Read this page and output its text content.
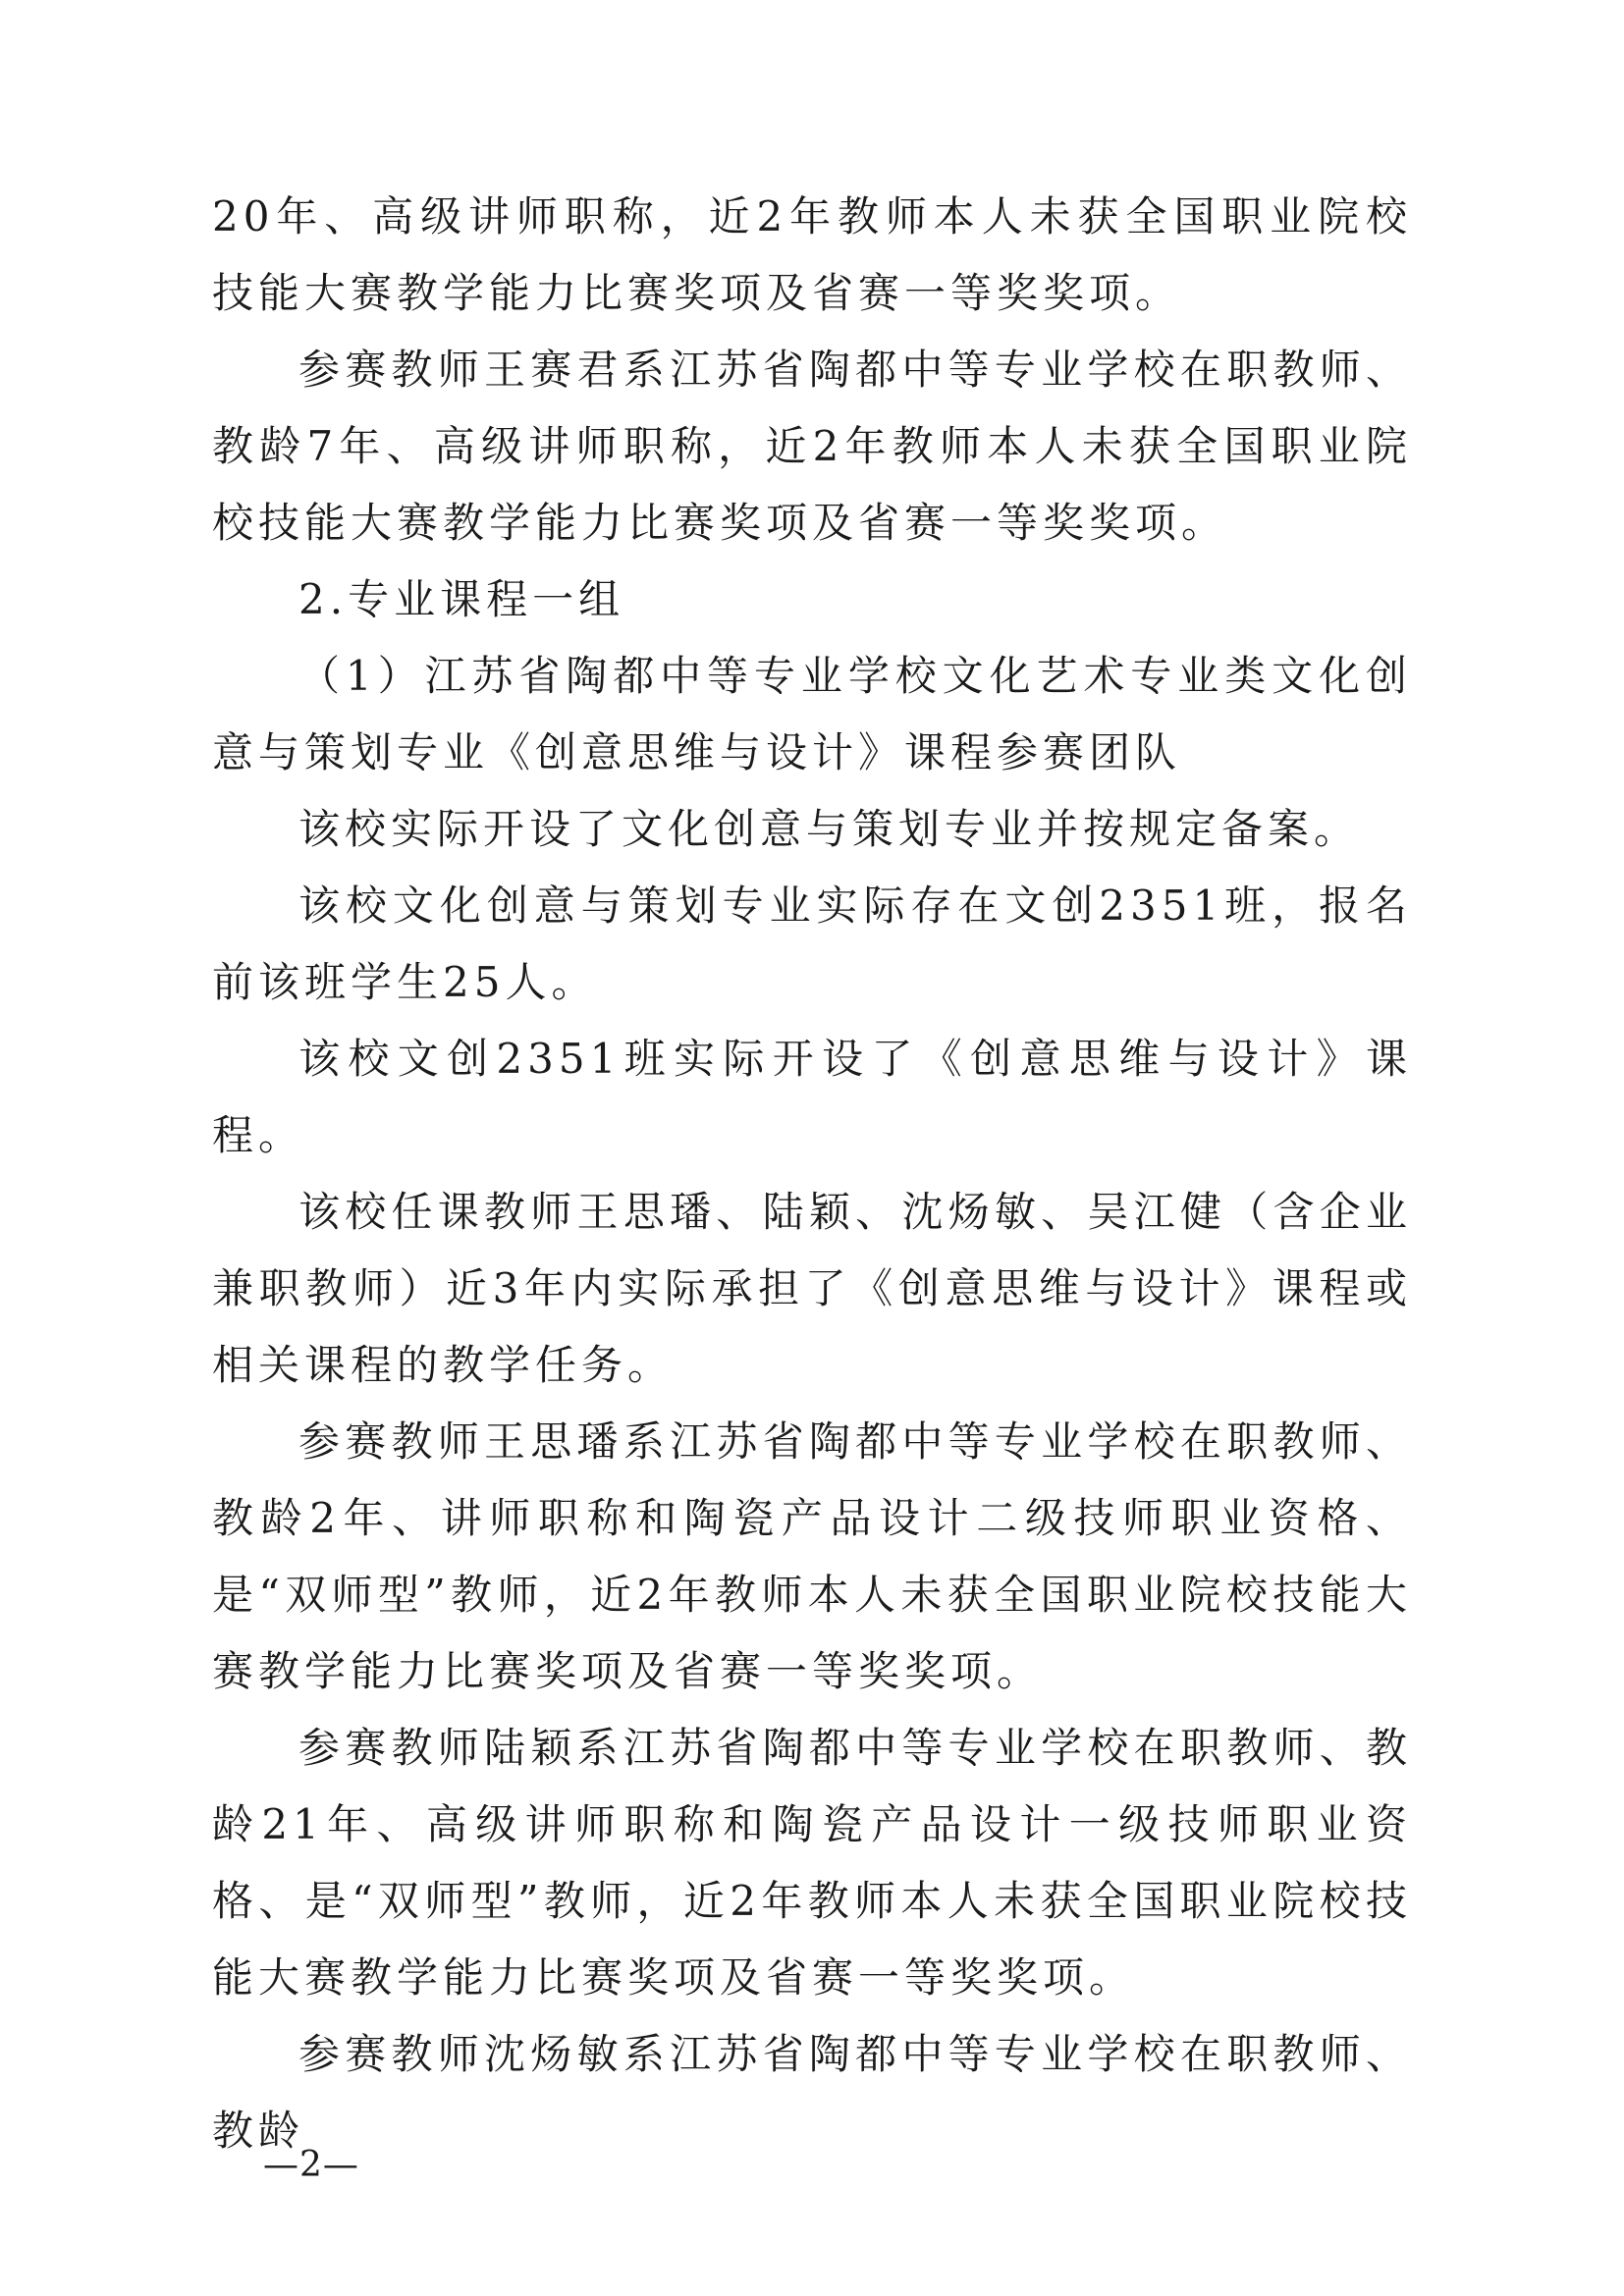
20年、高级讲师职称，近2年教师本人未获全国职业院校技能大赛教学能力比赛奖项及省赛一等奖奖项。

参赛教师王赛君系江苏省陶都中等专业学校在职教师、教龄7年、高级讲师职称，近2年教师本人未获全国职业院校技能大赛教学能力比赛奖项及省赛一等奖奖项。

2.专业课程一组

（1）江苏省陶都中等专业学校文化艺术专业类文化创意与策划专业《创意思维与设计》课程参赛团队

该校实际开设了文化创意与策划专业并按规定备案。

该校文化创意与策划专业实际存在文创2351班，报名前该班学生25人。

该校文创2351班实际开设了《创意思维与设计》课程。

该校任课教师王思璠、陆颖、沈炀敏、吴江健（含企业兼职教师）近3年内实际承担了《创意思维与设计》课程或相关课程的教学任务。

参赛教师王思璠系江苏省陶都中等专业学校在职教师、教龄2年、讲师职称和陶瓷产品设计二级技师职业资格、是“双师型”教师，近2年教师本人未获全国职业院校技能大赛教学能力比赛奖项及省赛一等奖奖项。

参赛教师陆颖系江苏省陶都中等专业学校在职教师、教龄21年、高级讲师职称和陶瓷产品设计一级技师职业资格、是“双师型”教师，近2年教师本人未获全国职业院校技能大赛教学能力比赛奖项及省赛一等奖奖项。

参赛教师沈炀敏系江苏省陶都中等专业学校在职教师、教龄

—2—
